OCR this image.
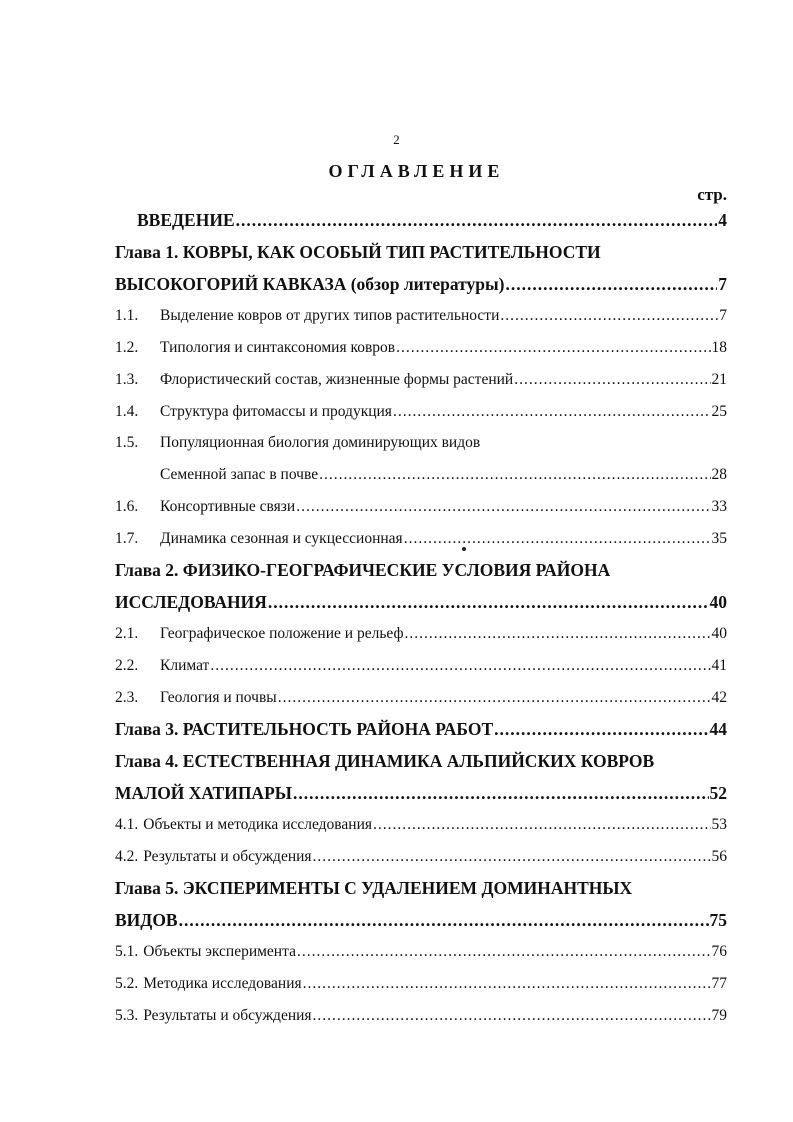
2
ОГЛАВЛЕНИЕ
стр.
ВВЕДЕНИЕ .....	4
Глава 1. КОВРЫ, КАК ОСОБЫЙ ТИП РАСТИТЕЛЬНОСТИ
ВЫСОКОГОРИЙ КАВКАЗА (обзор литературы) .....	7
1.1.	Выделение ковров от других типов растительности .....	7
1.2.	Типология и синтаксономия ковров .....	18
1.3.	Флористический состав, жизненные формы растений .....	21
1.4.	Структура фитомассы и продукция .....	25
1.5.	Популяционная биология доминирующих видов
Семенной запас в почве .....	28
1.6.	Консортивные связи .....	33
1.7.	Динамика сезонная и сукцессионная .....	35
Глава 2. ФИЗИКО-ГЕОГРАФИЧЕСКИЕ УСЛОВИЯ РАЙОНА
ИССЛЕДОВАНИЯ .....	40
2.1.	Географическое положение и рельеф .....	40
2.2.	Климат .....	41
2.3.	Геология и почвы .....	42
Глава 3. РАСТИТЕЛЬНОСТЬ РАЙОНА РАБОТ .....	44
Глава 4. ЕСТЕСТВЕННАЯ ДИНАМИКА АЛЬПИЙСКИХ КОВРОВ
МАЛОЙ ХАТИПАРЫ .....	52
4.1. Объекты и методика исследования .....	53
4.2. Результаты и обсуждения .....	56
Глава 5. ЭКСПЕРИМЕНТЫ С УДАЛЕНИЕМ ДОМИНАНТНЫХ
ВИДОВ .....	75
5.1. Объекты эксперимента .....	76
5.2. Методика исследования .....	77
5.3. Результаты и обсуждения .....	79
